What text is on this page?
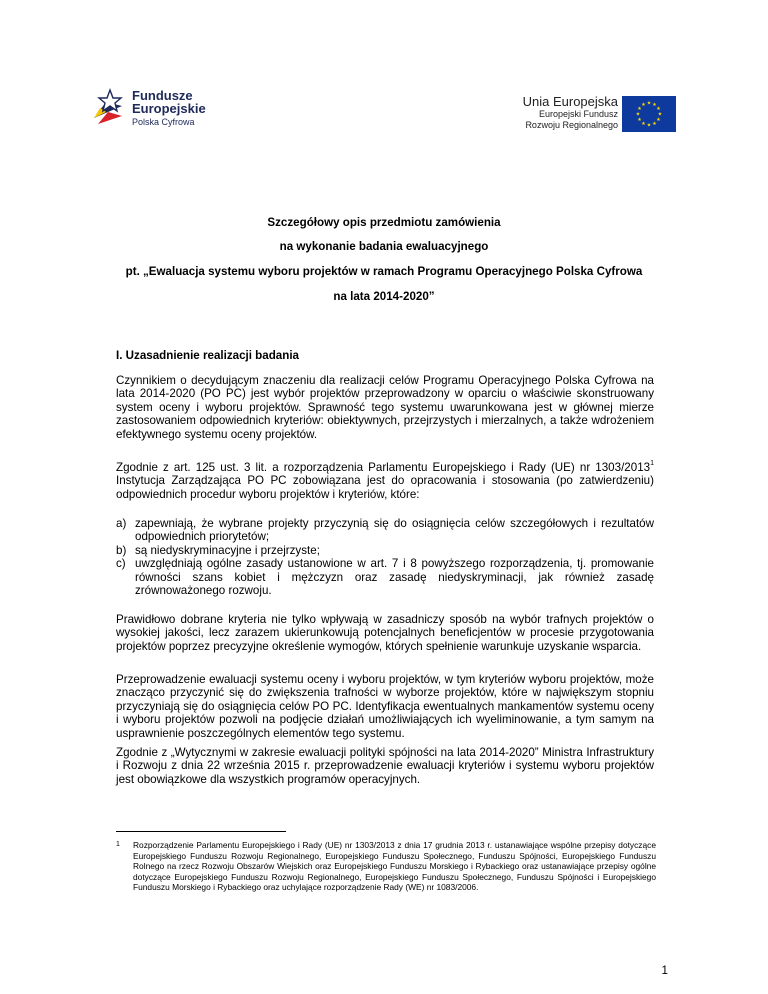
Fundusze
Europejskie
Polska Cyfrowa
Unia Europejska
Europejski Fundusz
Rozwoju Regionalnego
★ ★
★
★
★
★
★
★
★
★
★
★
Szczegółowy opis przedmiotu zamówienia
na wykonanie badania ewaluacyjnego
pt. „Ewaluacja systemu wyboru projektów w ramach Programu Operacyjnego Polska Cyfrowa
na lata 2014-2020”
I. Uzasadnienie realizacji badania

Czynnikiem o decydującym znaczeniu dla realizacji celów Programu Operacyjnego Polska Cyfrowa na lata 2014-2020 (PO PC) jest wybór projektów przeprowadzony w oparciu o właściwie skonstruowany system oceny i wyboru projektów. Sprawność tego systemu uwarunkowana jest w głównej mierze zastosowaniem odpowiednich kryteriów: obiektywnych, przejrzystych i mierzalnych, a także wdrożeniem efektywnego systemu oceny projektów.

Zgodnie z art. 125 ust. 3 lit. a rozporządzenia Parlamentu Europejskiego i Rady (UE) nr 1303/2013$^1$ Instytucja Zarządzająca PO PC zobowiązana jest do opracowania i stosowania (po zatwierdzeniu) odpowiednich procedur wyboru projektów i kryteriów, które:

a) zapewniają, że wybrane projekty przyczynią się do osiągnięcia celów szczegółowych i rezultatów odpowiednich priorytetów;
b) są niedyskryminacyjne i przejrzyste;
c) uwzględniają ogólne zasady ustanowione w art. 7 i 8 powyższego rozporządzenia, tj. promowanie równości szans kobiet i mężczyzn oraz zasadę niedyskryminacji, jak również zasadę zrównoważonego rozwoju.

Prawidłowo dobrane kryteria nie tylko wpływają w zasadniczy sposób na wybór trafnych projektów o wysokiej jakości, lecz zarazem ukierunkowują potencjalnych beneficjentów w procesie przygotowania projektów poprzez precyzyjne określenie wymogów, których spełnienie warunkuje uzyskanie wsparcia.

Przeprowadzenie ewaluacji systemu oceny i wyboru projektów, w tym kryteriów wyboru projektów, może znacząco przyczynić się do zwiększenia trafności w wyborze projektów, które w największym stopniu przyczyniają się do osiągnięcia celów PO PC. Identyfikacja ewentualnych mankamentów systemu oceny i wyboru projektów pozwoli na podjęcie działań umożliwiających ich wyeliminowanie, a tym samym na usprawnienie poszczególnych elementów tego systemu.

Zgodnie z „Wytycznymi w zakresie ewaluacji polityki spójności na lata 2014-2020” Ministra Infrastruktury i Rozwoju z dnia 22 września 2015 r. przeprowadzenie ewaluacji kryteriów i systemu wyboru projektów jest obowiązkowe dla wszystkich programów operacyjnych.

1 Rozporządzenie Parlamentu Europejskiego i Rady (UE) nr 1303/2013 z dnia 17 grudnia 2013 r. ustanawiające wspólne przepisy dotyczące Europejskiego Funduszu Rozwoju Regionalnego, Europejskiego Funduszu Społecznego, Funduszu Spójności, Europejskiego Funduszu Rolnego na rzecz Rozwoju Obszarów Wiejskich oraz Europejskiego Funduszu Morskiego i Rybackiego oraz ustanawiające przepisy ogólne dotyczące Europejskiego Funduszu Rozwoju Regionalnego, Europejskiego Funduszu Społecznego, Funduszu Spójności i Europejskiego Funduszu Morskiego i Rybackiego oraz uchylające rozporządzenie Rady (WE) nr 1083/2006.
1
